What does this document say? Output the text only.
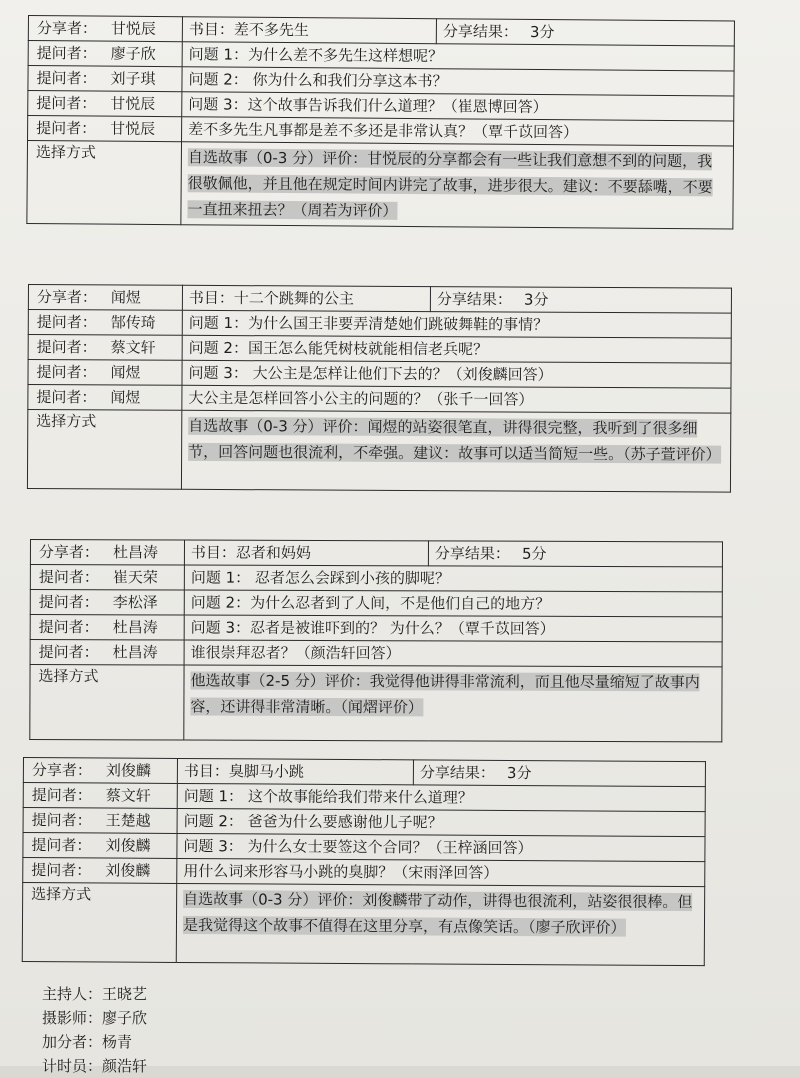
分享者： 甘悦辰	书目：差不多先生	分享结果： 3分
提问者： 廖子欣	问题 1：为什么差不多先生这样想呢？	
提问者： 刘子琪	问题 2： 你为什么和我们分享这本书？	
提问者： 甘悦辰	问题 3：这个故事告诉我们什么道理？（崔恩博回答）	
提问者： 甘悦辰	差不多先生凡事都是差不多还是非常认真？（覃千苡回答）	
选择方式	自选故事（0-3 分）评价：甘悦辰的分享都会有一些让我们意想不到的问题，我很敬佩他，并且他在规定时间内讲完了故事，进步很大。建议：不要舔嘴，不要一直扭来扭去？（周若为评价）	
分享者： 闻煜	书目：十二个跳舞的公主	分享结果： 3分
提问者： 郜传琦	问题 1：为什么国王非要弄清楚她们跳破舞鞋的事情？	
提问者： 蔡文轩	问题 2：国王怎么能凭树枝就能相信老兵呢？	
提问者： 闻煜	问题 3： 大公主是怎样让他们下去的？（刘俊麟回答）	
提问者： 闻煜	大公主是怎样回答小公主的问题的？（张千一回答）	
选择方式	自选故事（0-3 分）评价：闻煜的站姿很笔直，讲得很完整，我听到了很多细节，回答问题也很流利，不牵强。建议：故事可以适当简短一些。（苏子萱评价）	
分享者： 杜昌涛	书目：忍者和妈妈	分享结果： 5分
提问者： 崔天荣	问题 1： 忍者怎么会踩到小孩的脚呢？	
提问者： 李松泽	问题 2：为什么忍者到了人间，不是他们自己的地方？	
提问者： 杜昌涛	问题 3：忍者是被谁吓到的？ 为什么？（覃千苡回答）	
提问者： 杜昌涛	谁很崇拜忍者？（颜浩轩回答）	
选择方式	他选故事（2-5 分）评价：我觉得他讲得非常流利，而且他尽量缩短了故事内容，还讲得非常清晰。（闻熠评价）	
分享者： 刘俊麟	书目：臭脚马小跳	分享结果： 3分
提问者： 蔡文轩	问题 1： 这个故事能给我们带来什么道理？	
提问者： 王楚越	问题 2： 爸爸为什么要感谢他儿子呢？	
提问者： 刘俊麟	问题 3： 为什么女士要签这个合同？（王梓涵回答）	
提问者： 刘俊麟	用什么词来形容马小跳的臭脚？（宋雨泽回答）	
选择方式	自选故事（0-3 分）评价：刘俊麟带了动作，讲得也很流利，站姿很很棒。但是我觉得这个故事不值得在这里分享，有点像笑话。（廖子欣评价）	
主持人：王晓艺
摄影师：廖子欣
加分者：杨青
计时员：颜浩轩
